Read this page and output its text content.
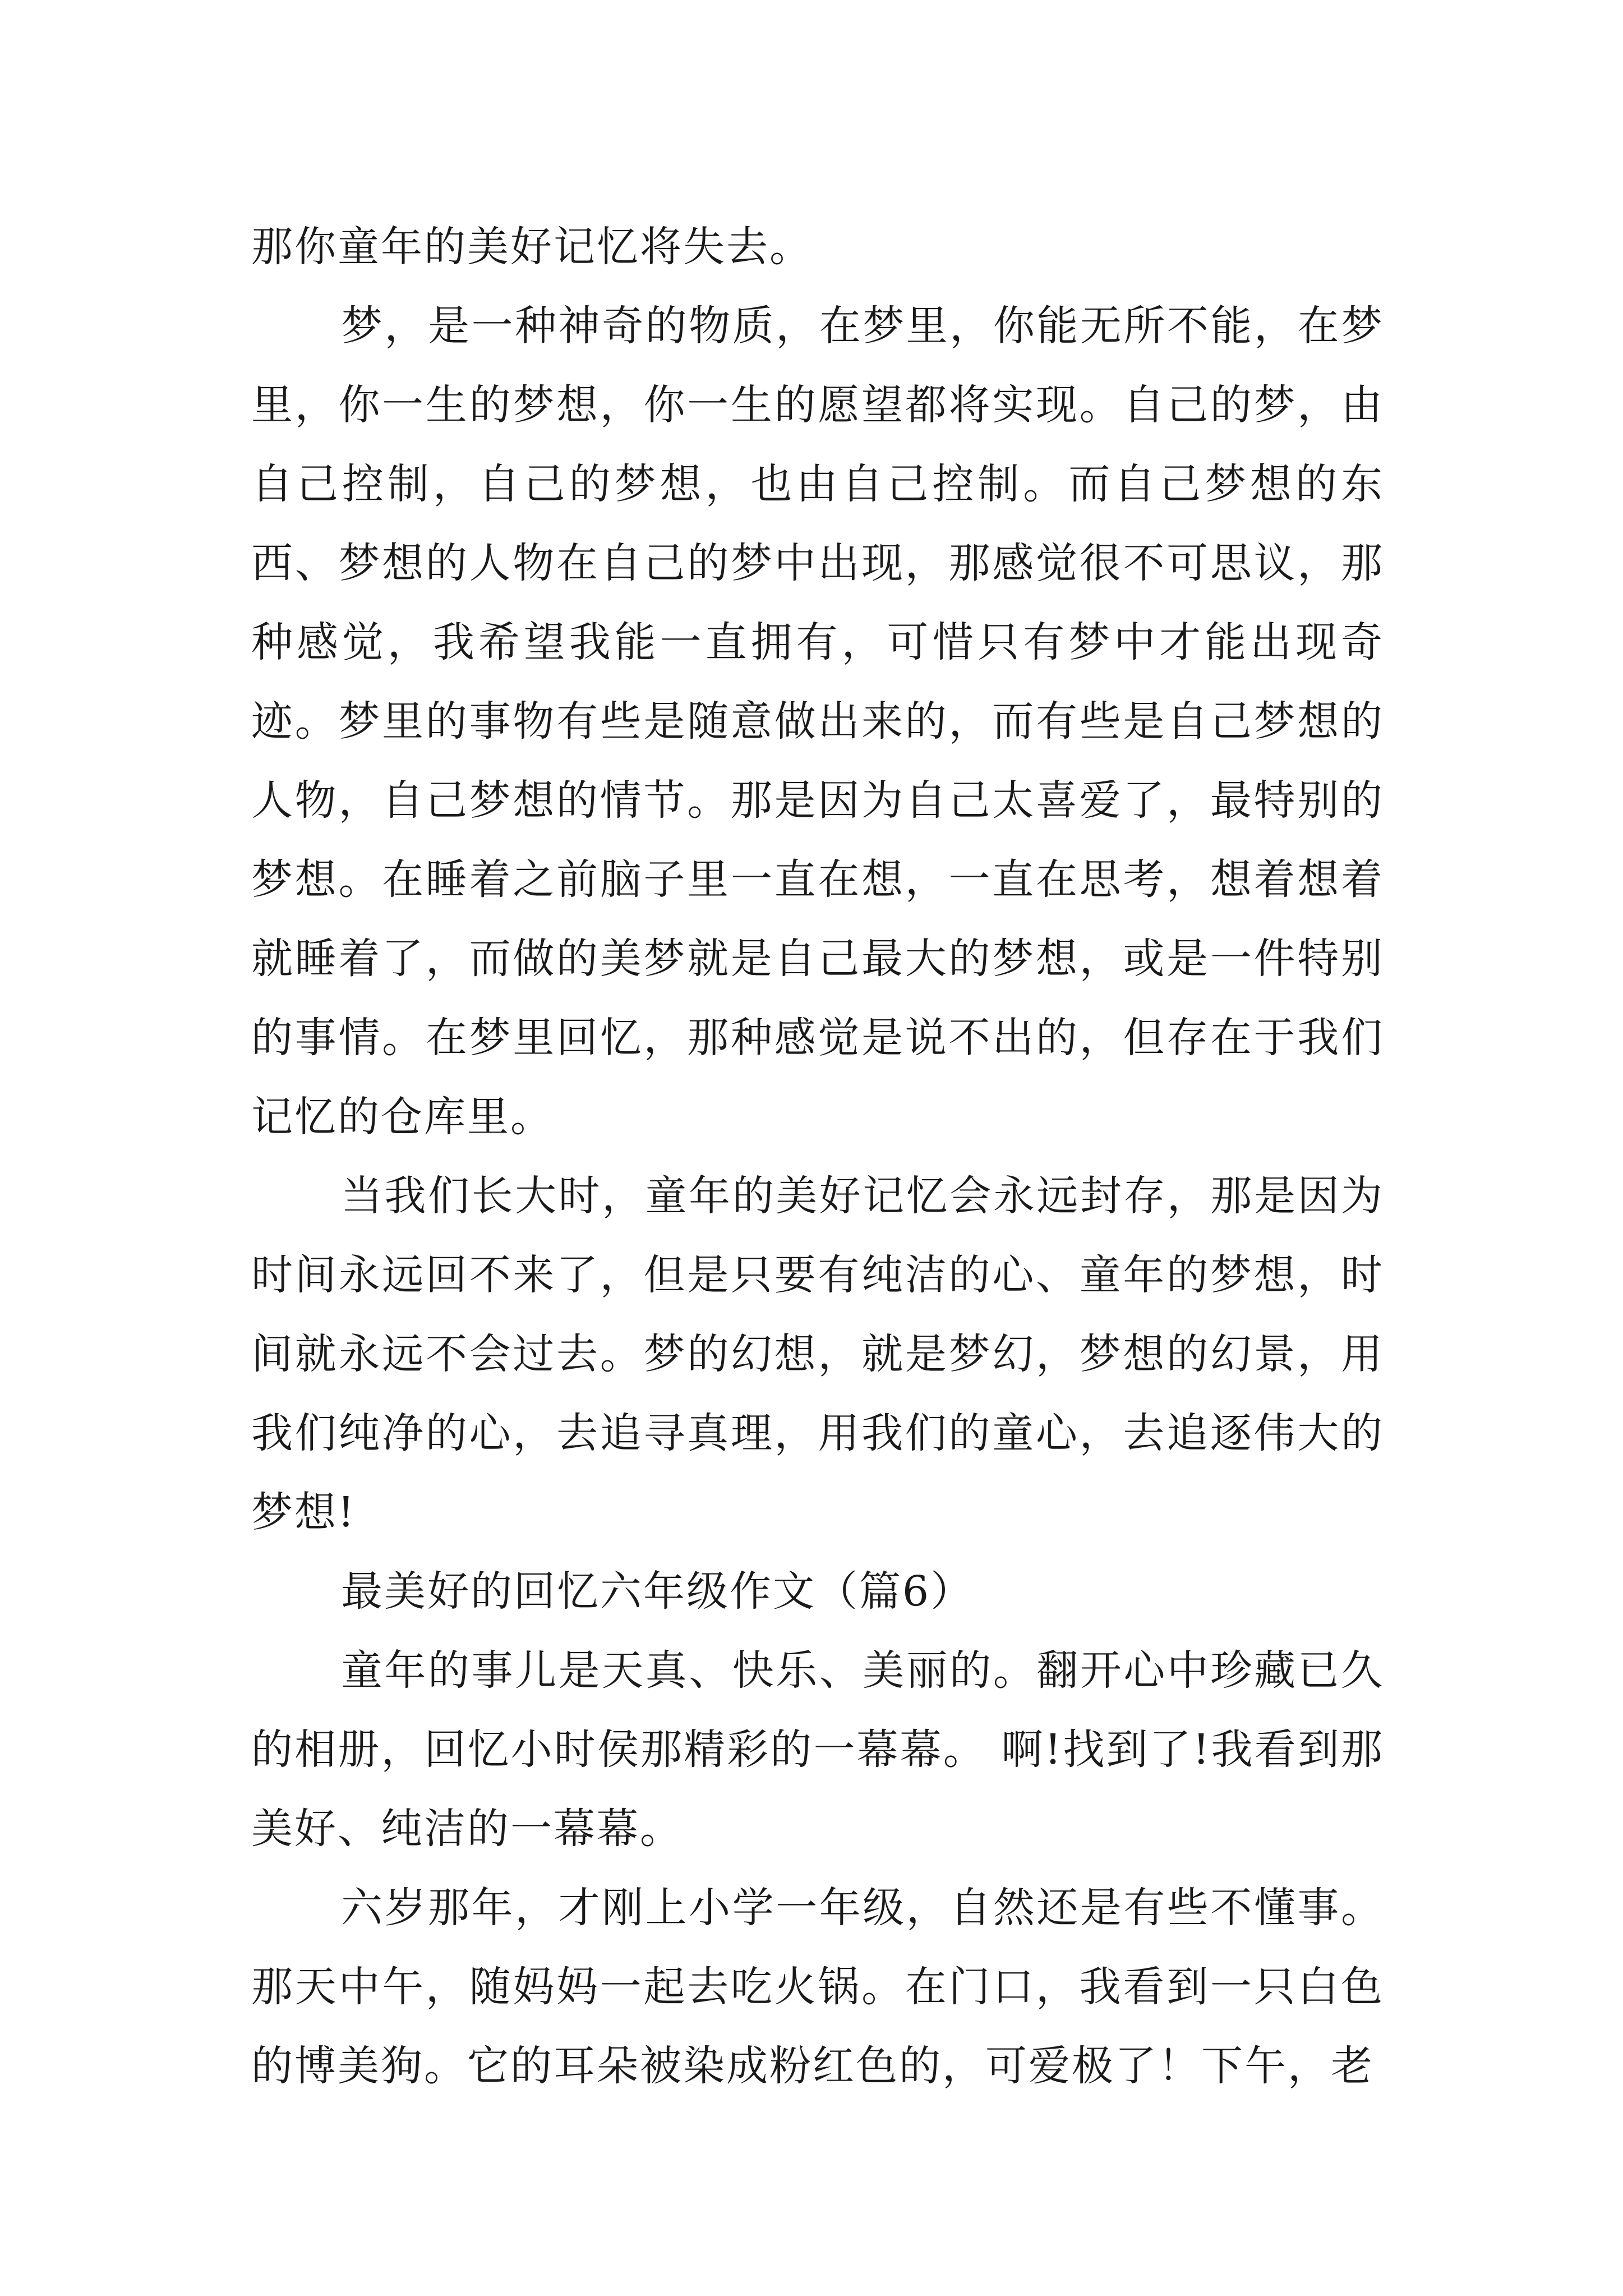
那你童年的美好记忆将失去。

梦，是一种神奇的物质，在梦里，你能无所不能，在梦里，你一生的梦想，你一生的愿望都将实现。自己的梦，由自己控制，自己的梦想，也由自己控制。而自己梦想的东西、梦想的人物在自己的梦中出现，那感觉很不可思议，那种感觉，我希望我能一直拥有，可惜只有梦中才能出现奇迹。梦里的事物有些是随意做出来的，而有些是自己梦想的人物，自己梦想的情节。那是因为自己太喜爱了，最特别的梦想。在睡着之前脑子里一直在想，一直在思考，想着想着就睡着了，而做的美梦就是自己最大的梦想，或是一件特别的事情。在梦里回忆，那种感觉是说不出的，但存在于我们记忆的仓库里。

当我们长大时，童年的美好记忆会永远封存，那是因为时间永远回不来了，但是只要有纯洁的心、童年的梦想，时间就永远不会过去。梦的幻想，就是梦幻，梦想的幻景，用我们纯净的心，去追寻真理，用我们的童心，去追逐伟大的梦想!

最美好的回忆六年级作文（篇6）

童年的事儿是天真、快乐、美丽的。翻开心中珍藏已久的相册，回忆小时侯那精彩的一幕幕。 啊!找到了!我看到那美好、纯洁的一幕幕。

六岁那年，才刚上小学一年级，自然还是有些不懂事。那天中午，随妈妈一起去吃火锅。在门口，我看到一只白色的博美狗。它的耳朵被染成粉红色的，可爱极了！下午，老
